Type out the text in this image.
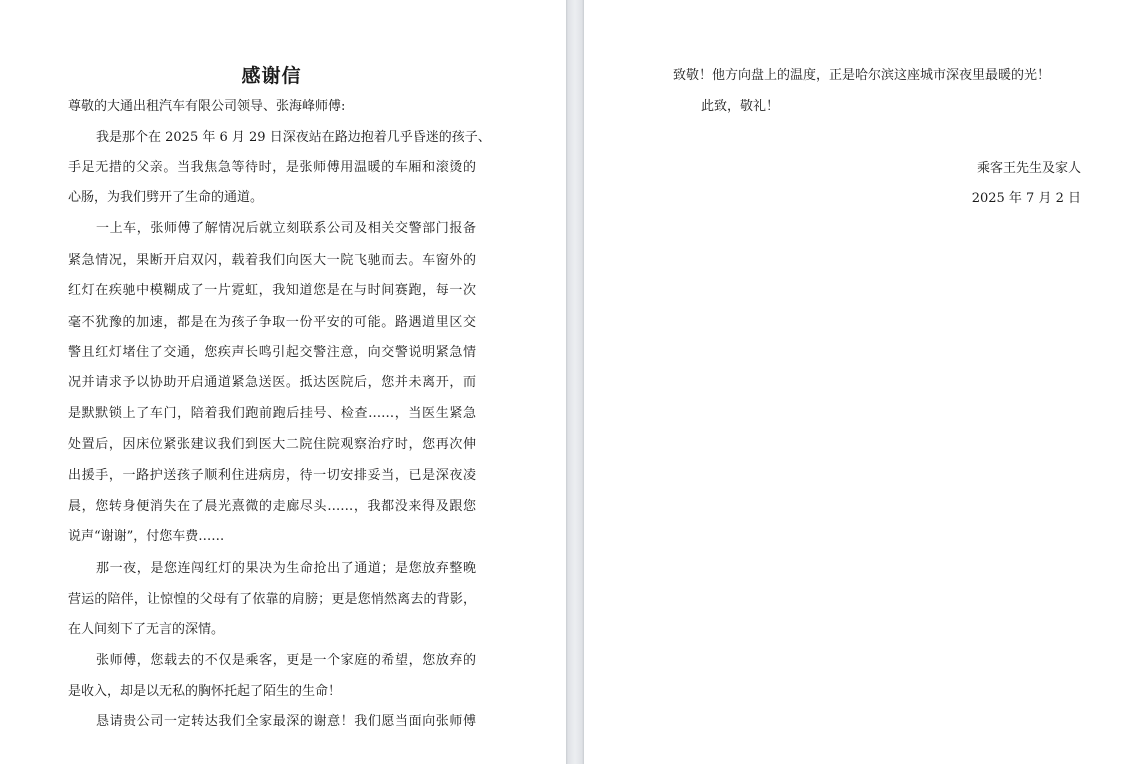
感谢信
尊敬的大通出租汽车有限公司领导、张海峰师傅:
我是那个在 2025 年 6 月 29 日深夜站在路边抱着几乎昏迷的孩子、
手足无措的父亲。当我焦急等待时，是张师傅用温暖的车厢和滚烫的
心肠，为我们劈开了生命的通道。
一上车，张师傅了解情况后就立刻联系公司及相关交警部门报备
紧急情况，果断开启双闪，载着我们向医大一院飞驰而去。车窗外的
红灯在疾驰中模糊成了一片霓虹，我知道您是在与时间赛跑，每一次
毫不犹豫的加速，都是在为孩子争取一份平安的可能。路遇道里区交
警且红灯堵住了交通，您疾声长鸣引起交警注意，向交警说明紧急情
况并请求予以协助开启通道紧急送医。抵达医院后，您并未离开，而
是默默锁上了车门，陪着我们跑前跑后挂号、检查……，当医生紧急
处置后，因床位紧张建议我们到医大二院住院观察治疗时，您再次伸
出援手，一路护送孩子顺利住进病房，待一切安排妥当，已是深夜凌
晨，您转身便消失在了晨光熹微的走廊尽头……，我都没来得及跟您
说声“谢谢”，付您车费……
那一夜，是您连闯红灯的果决为生命抢出了通道；是您放弃整晚
营运的陪伴，让惊惶的父母有了依靠的肩膀；更是您悄然离去的背影，
在人间刻下了无言的深情。
张师傅，您载去的不仅是乘客，更是一个家庭的希望，您放弃的
是收入，却是以无私的胸怀托起了陌生的生命！
恳请贵公司一定转达我们全家最深的谢意！我们愿当面向张师傅
致敬！他方向盘上的温度，正是哈尔滨这座城市深夜里最暖的光！
此致，敬礼！
乘客王先生及家人
2025 年 7 月 2 日
